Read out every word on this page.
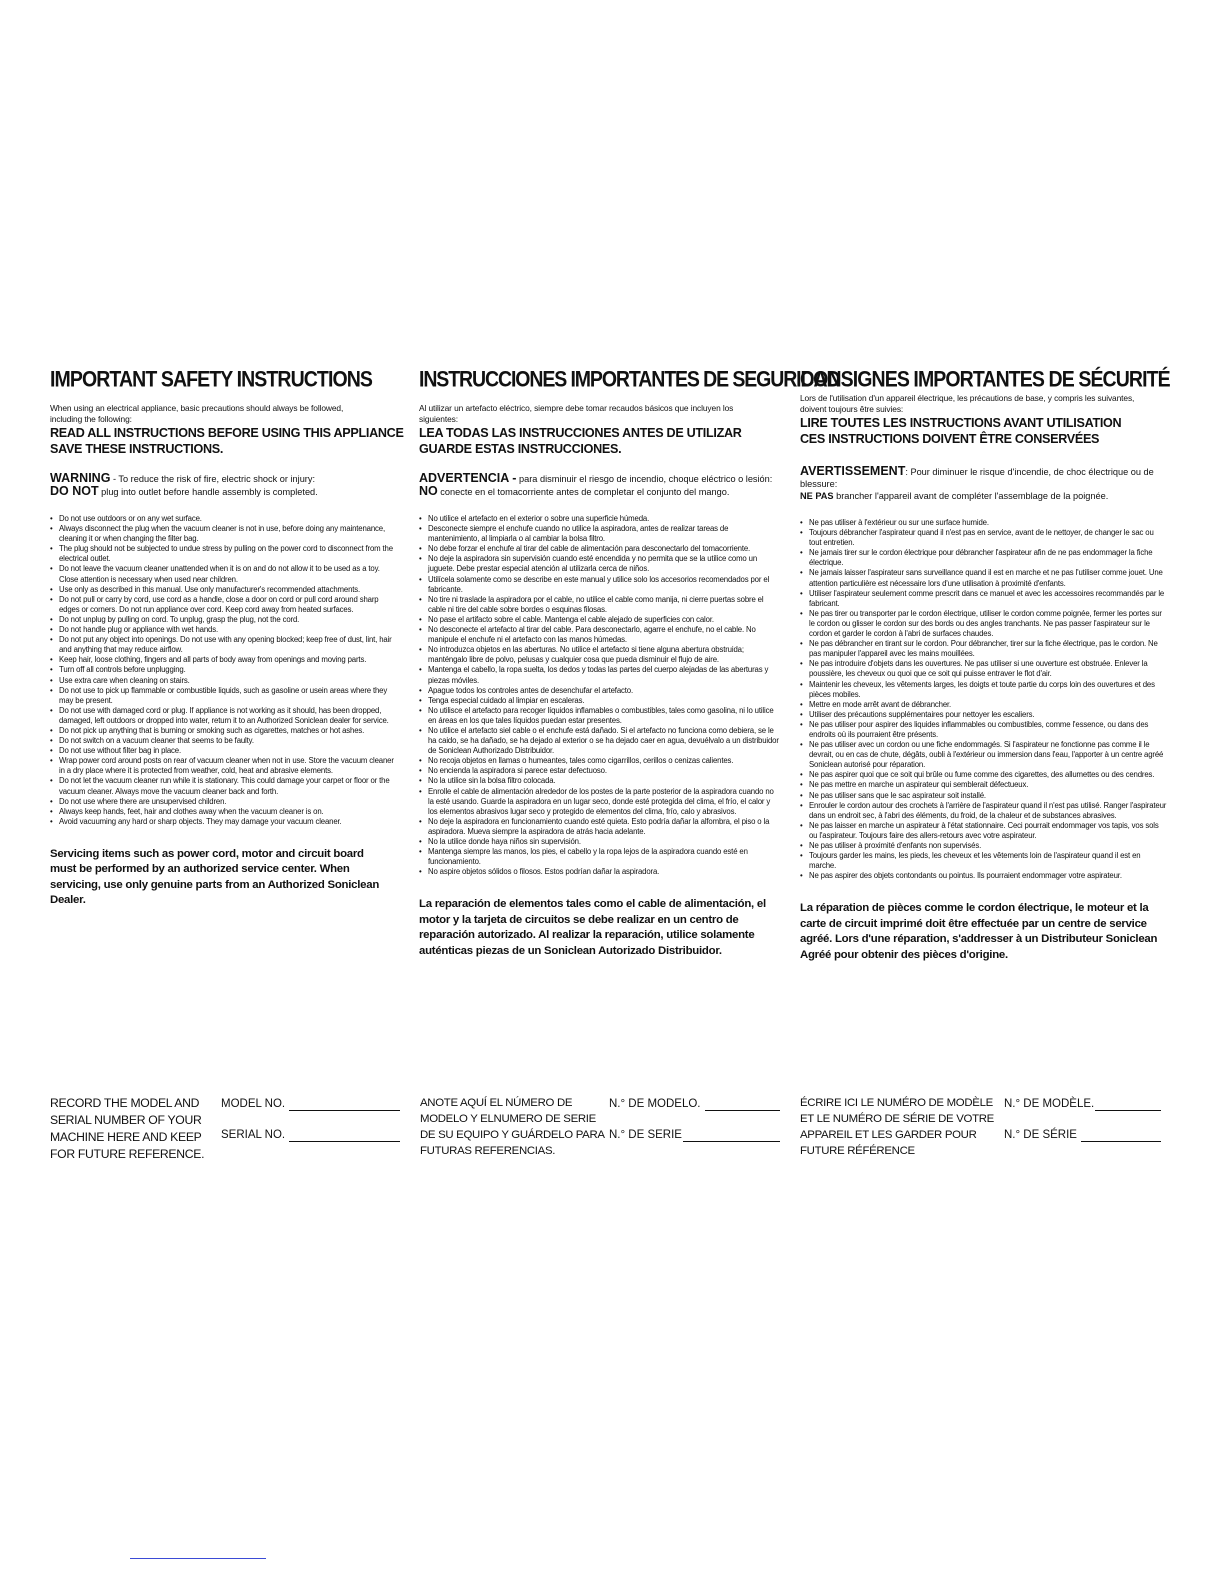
IMPORTANT SAFETY INSTRUCTIONS

When using an electrical appliance, basic precautions should always be followed, including the following:

READ ALL INSTRUCTIONS BEFORE USING THIS APPLIANCE

SAVE THESE INSTRUCTIONS.

WARNING - To reduce the risk of fire, electric shock or injury:
DO NOT plug into outlet before handle assembly is completed.
• Do not use outdoors or on any wet surface.
• Always disconnect the plug when the vacuum cleaner is not in use, before doing any maintenance, cleaning it or when changing the filter bag.
• The plug should not be subjected to undue stress by pulling on the power cord to disconnect from the electrical outlet.
• Do not leave the vacuum cleaner unattended when it is on and do not allow it to be used as a toy. Close attention is necessary when used near children.
• Use only as described in this manual. Use only manufacturer's recommended attachments.
• Do not pull or carry by cord, use cord as a handle, close a door on cord or pull cord around sharp edges or corners. Do not run appliance over cord. Keep cord away from heated surfaces.
• Do not unplug by pulling on cord. To unplug, grasp the plug, not the cord.
• Do not handle plug or appliance with wet hands.
• Do not put any object into openings. Do not use with any opening blocked; keep free of dust, lint, hair and anything that may reduce airflow.
• Keep hair, loose clothing, fingers and all parts of body away from openings and moving parts.
• Turn off all controls before unplugging.
• Use extra care when cleaning on stairs.
• Do not use to pick up flammable or combustible liquids, such as gasoline or usein areas where they may be present.
• Do not use with damaged cord or plug. If appliance is not working as it should, has been dropped, damaged, left outdoors or dropped into water, return it to an Authorized Soniclean dealer for service.
• Do not pick up anything that is burning or smoking such as cigarettes, matches or hot ashes.
• Do not switch on a vacuum cleaner that seems to be faulty.
• Do not use without filter bag in place.
• Wrap power cord around posts on rear of vacuum cleaner when not in use. Store the vacuum cleaner in a dry place where it is protected from weather, cold, heat and abrasive elements.
• Do not let the vacuum cleaner run while it is stationary. This could damage your carpet or floor or the vacuum cleaner. Always move the vacuum cleaner back and forth.
• Do not use where there are unsupervised children.
• Always keep hands, feet, hair and clothes away when the vacuum cleaner is on.
• Avoid vacuuming any hard or sharp objects. They may damage your vacuum cleaner.

Servicing items such as power cord, motor and circuit board must be performed by an authorized service center. When servicing, use only genuine parts from an Authorized Soniclean Dealer.

INSTRUCCIONES IMPORTANTES DE SEGURIDAD

Al utilizar un artefacto eléctrico, siempre debe tomar recaudos básicos que incluyen los siguientes:

LEA TODAS LAS INSTRUCCIONES ANTES DE UTILIZAR

GUARDE ESTAS INSTRUCCIONES.

ADVERTENCIA - para disminuir el riesgo de incendio, choque eléctrico o lesión:
NO conecte en el tomacorriente antes de completar el conjunto del mango.
• No utilice el artefacto en el exterior o sobre una superficie húmeda.
• Desconecte siempre el enchufe cuando no utilice la aspiradora, antes de realizar tareas de mantenimiento, al limpiarla o al cambiar la bolsa filtro.
• No debe forzar el enchufe al tirar del cable de alimentación para desconectarlo del tomacorriente.
• No deje la aspiradora sin supervisión cuando esté encendida y no permita que se la utilice como un juguete. Debe prestar especial atención al utilizarla cerca de niños.
• Utilícela solamente como se describe en este manual y utilice solo los accesorios recomendados por el fabricante.
• No tire ni traslade la aspiradora por el cable, no utilice el cable como manija, ni cierre puertas sobre el cable ni tire del cable sobre bordes o esquinas filosas.
• No pase el artifacto sobre el cable. Mantenga el cable alejado de superficies con calor.
• No desconecte el artefacto al tirar del cable. Para desconectarlo, agarre el enchufe, no el cable. No manipule el enchufe ni el artefacto con las manos húmedas.
• No introduzca objetos en las aberturas. No utilice el artefacto si tiene alguna abertura obstruida; manténgalo libre de polvo, pelusas y cualquier cosa que pueda disminuir el flujo de aire.
• Mantenga el cabello, la ropa suelta, los dedos y todas las partes del cuerpo alejadas de las aberturas y piezas móviles.
• Apague todos los controles antes de desenchufar el artefacto.
• Tenga especial cuidado al limpiar en escaleras.
• No utilisce el artefacto para recoger líquidos inflamables o combustibles, tales como gasolina, ni lo utilice en áreas en los que tales líquidos puedan estar presentes.
• No utilice el artefacto siel cable o el enchufe está dañado. Si el artefacto no funciona como debiera, se le ha caido, se ha dañado, se ha dejado al exterior o se ha dejado caer en agua, devuélvalo a un distribuidor de Soniclean Authorizado Distribuidor.
• No recoja objetos en llamas o humeantes, tales como cigarrillos, cerillos o cenizas calientes.
• No encienda la aspiradora si parece estar defectuoso.
• No la utilice sin la bolsa filtro colocada.
• Enrolle el cable de alimentación alrededor de los postes de la parte posterior de la aspiradora cuando no la esté usando. Guarde la aspiradora en un lugar seco, donde esté protegida del clima, el frío, el calor y los elementos abrasivos lugar seco y protegido de elementos del clima, frío, calo y abrasivos.
• No deje la aspiradora en funcionamiento cuando esté quieta. Esto podría dañar la alfombra, el piso o la aspiradora. Mueva siempre la aspiradora de atrás hacia adelante.
• No la utilice donde haya niños sin supervisión.
• Mantenga siempre las manos, los pies, el cabello y la ropa lejos de la aspiradora cuando esté en funcionamiento.
• No aspire objetos sólidos o filosos. Estos podrían dañar la aspiradora.

La reparación de elementos tales como el cable de alimentación, el motor y la tarjeta de circuitos se debe realizar en un centro de reparación autorizado. Al realizar la reparación, utilice solamente auténticas piezas de un Soniclean Autorizado Distribuidor.

CONSIGNES IMPORTANTES DE SÉCURITÉ

Lors de l'utilisation d'un appareil électrique, les précautions de base, y compris les suivantes, doivent toujours être suivies:

LIRE TOUTES LES INSTRUCTIONS AVANT UTILISATION

CES INSTRUCTIONS DOIVENT ÊTRE CONSERVÉES

AVERTISSEMENT: Pour diminuer le risque d'incendie, de choc électrique ou de blessure:
NE PAS brancher l'appareil avant de compléter l'assemblage de la poignée.
• Ne pas utiliser à l'extérieur ou sur une surface humide.
• Toujours débrancher l'aspirateur quand il n'est pas en service, avant de le nettoyer, de changer le sac ou tout entretien.
• Ne jamais tirer sur le cordon électrique pour débrancher l'aspirateur afin de ne pas endommager la fiche électrique.
• Ne jamais laisser l'aspirateur sans surveillance quand il est en marche et ne pas l'utiliser comme jouet. Une attention particulière est nécessaire lors d'une utilisation à proximité d'enfants.
• Utiliser l'aspirateur seulement comme prescrit dans ce manuel et avec les accessoires recommandés par le fabricant.
• Ne pas tirer ou transporter par le cordon électrique, utiliser le cordon comme poignée, fermer les portes sur le cordon ou glisser le cordon sur des bords ou des angles tranchants. Ne pas passer l'aspirateur sur le cordon et garder le cordon à l'abri de surfaces chaudes.
• Ne pas débrancher en tirant sur le cordon. Pour débrancher, tirer sur la fiche électrique, pas le cordon. Ne pas manipuler l'appareil avec les mains mouillées.
• Ne pas introduire d'objets dans les ouvertures. Ne pas utiliser si une ouverture est obstruée. Enlever la poussière, les cheveux ou quoi que ce soit qui puisse entraver le flot d'air.
• Maintenir les cheveux, les vêtements larges, les doigts et toute partie du corps loin des ouvertures et des pièces mobiles.
• Mettre en mode arrêt avant de débrancher.
• Utiliser des précautions supplémentaires pour nettoyer les escaliers.
• Ne pas utiliser pour aspirer des liquides inflammables ou combustibles, comme l'essence, ou dans des endroits où ils pourraient être présents.
• Ne pas utiliser avec un cordon ou une fiche endommagés. Si l'aspirateur ne fonctionne pas comme il le devrait, ou en cas de chute, dégâts, oubli à l'extérieur ou immersion dans l'eau, l'apporter à un centre agréé Soniclean autorisé pour réparation.
• Ne pas aspirer quoi que ce soit qui brûle ou fume comme des cigarettes, des allumettes ou des cendres.
• Ne pas mettre en marche un aspirateur qui semblerait défectueux.
• Ne pas utiliser sans que le sac aspirateur soit installé.
• Enrouler le cordon autour des crochets à l'arrière de l'aspirateur quand il n'est pas utilisé. Ranger l'aspirateur dans un endroit sec, à l'abri des éléments, du froid, de la chaleur et de substances abrasives.
• Ne pas laisser en marche un aspirateur à l'état stationnaire. Ceci pourrait endommager vos tapis, vos sols ou l'aspirateur. Toujours faire des allers-retours avec votre aspirateur.
• Ne pas utiliser à proximité d'enfants non supervisés.
• Toujours garder les mains, les pieds, les cheveux et les vêtements loin de l'aspirateur quand il est en marche.
• Ne pas aspirer des objets contondants ou pointus. Ils pourraient endommager votre aspirateur.

La réparation de pièces comme le cordon électrique, le moteur et la carte de circuit imprimé doit être effectuée par un centre de service agréé. Lors d'une réparation, s'addresser à un Distributeur Soniclean Agréé pour obtenir des pièces d'origine.

RECORD THE MODEL AND
SERIAL NUMBER OF YOUR
MACHINE HERE AND KEEP
FOR FUTURE REFERENCE.
MODEL NO.
SERIAL NO.
ANOTE AQUÍ EL NÚMERO DE
MODELO Y ELNUMERO DE SERIE
DE SU EQUIPO Y GUÁRDELO PARA
FUTURAS REFERENCIAS.
N.° DE MODELO.
N.° DE SERIE
ÉCRIRE ICI LE NUMÉRO DE MODÈLE
ET LE NUMÉRO DE SÉRIE DE VOTRE
APPAREIL ET LES GARDER POUR
FUTURE RÉFÉRENCE
N.° DE MODÈLE.
N.° DE SÉRIE
